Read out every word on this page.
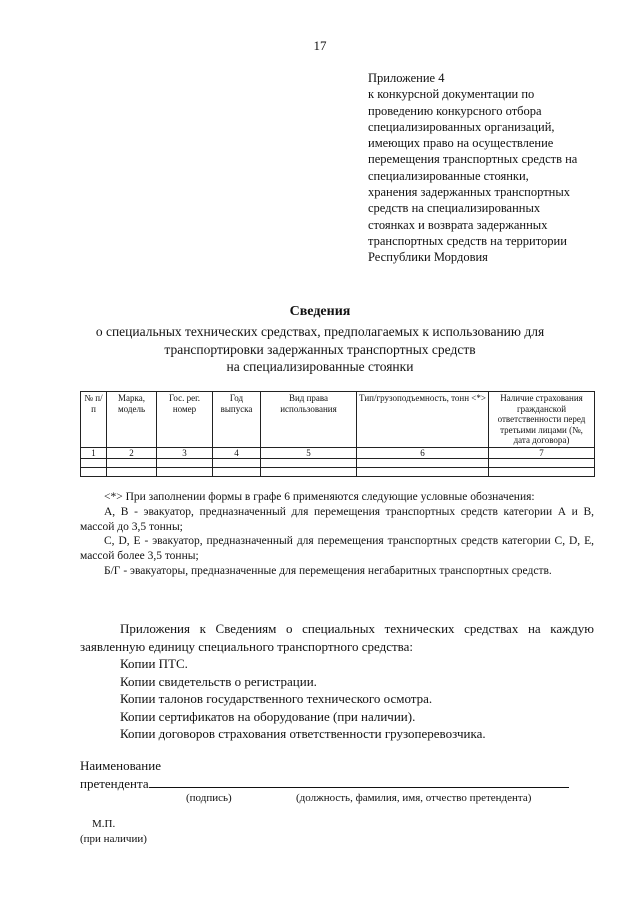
17
Приложение 4
к конкурсной документации по
проведению конкурсного отбора
специализированных организаций,
имеющих право на осуществление
перемещения транспортных средств на
специализированные стоянки,
хранения задержанных транспортных
средств на специализированных
стоянках и возврата задержанных
транспортных средств на территории
Республики Мордовия
Сведения
о специальных технических средствах, предполагаемых к использованию для
транспортировки задержанных транспортных средств
на специализированные стоянки
№ п/п	Марка, модель	Гос. рег. номер	Год выпуска	Вид права использования	Тип/грузоподъемность, тонн <*>	Наличие страхования гражданской ответственности перед третьими лицами (№, дата договора)
1	2	3	4	5	6	7

<*> При заполнении формы в графе 6 применяются следующие условные обозначения:

А, В - эвакуатор, предназначенный для перемещения транспортных средств категории А и В, массой до 3,5 тонны;

С, D, Е - эвакуатор, предназначенный для перемещения транспортных средств категории С, D, Е, массой более 3,5 тонны;

Б/Г - эвакуаторы, предназначенные для перемещения негабаритных транспортных средств.

Приложения к Сведениям о специальных технических средствах на каждую заявленную единицу специального транспортного средства:

Копии ПТС.

Копии свидетельств о регистрации.

Копии талонов государственного технического осмотра.

Копии сертификатов на оборудование (при наличии).

Копии договоров страхования ответственности грузоперевозчика.

Наименование
претендента
(подпись)	(должность, фамилия, имя, отчество претендента)
М.П.
(при наличии)
